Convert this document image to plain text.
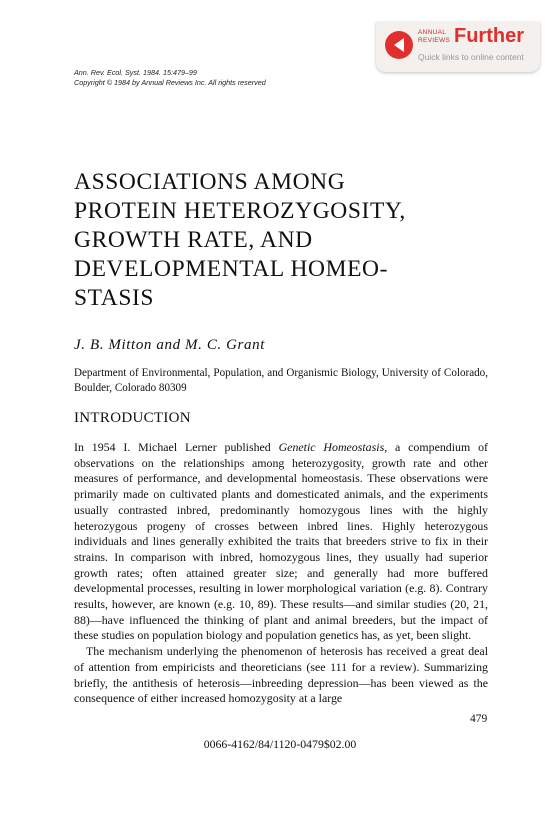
ANNUAL
REVIEWS Further
Quick links to online content
Ann. Rev. Ecol. Syst. 1984. 15:479–99
Copyright © 1984 by Annual Reviews Inc. All rights reserved
ASSOCIATIONS AMONG
PROTEIN HETEROZYGOSITY,
GROWTH RATE, AND
DEVELOPMENTAL HOMEO-
STASIS
J. B. Mitton and M. C. Grant
Department of Environmental, Population, and Organismic Biology, University of Colorado, Boulder, Colorado 80309
INTRODUCTION

In 1954 I. Michael Lerner published Genetic Homeostasis, a compendium of observations on the relationships among heterozygosity, growth rate and other measures of performance, and developmental homeostasis. These observations were primarily made on cultivated plants and domesticated animals, and the experiments usually contrasted inbred, predominantly homozygous lines with the highly heterozygous progeny of crosses between inbred lines. Highly heterozygous individuals and lines generally exhibited the traits that breeders strive to fix in their strains. In comparison with inbred, homozygous lines, they usually had superior growth rates; often attained greater size; and generally had more buffered developmental processes, resulting in lower morphological variation (e.g. 8). Contrary results, however, are known (e.g. 10, 89). These results—and similar studies (20, 21, 88)—have influenced the thinking of plant and animal breeders, but the impact of these studies on population biology and population genetics has, as yet, been slight.

The mechanism underlying the phenomenon of heterosis has received a great deal of attention from empiricists and theoreticians (see 111 for a review). Summarizing briefly, the antithesis of heterosis—inbreeding depression—has been viewed as the consequence of either increased homozygosity at a large

479
0066-4162/84/1120-0479$02.00
